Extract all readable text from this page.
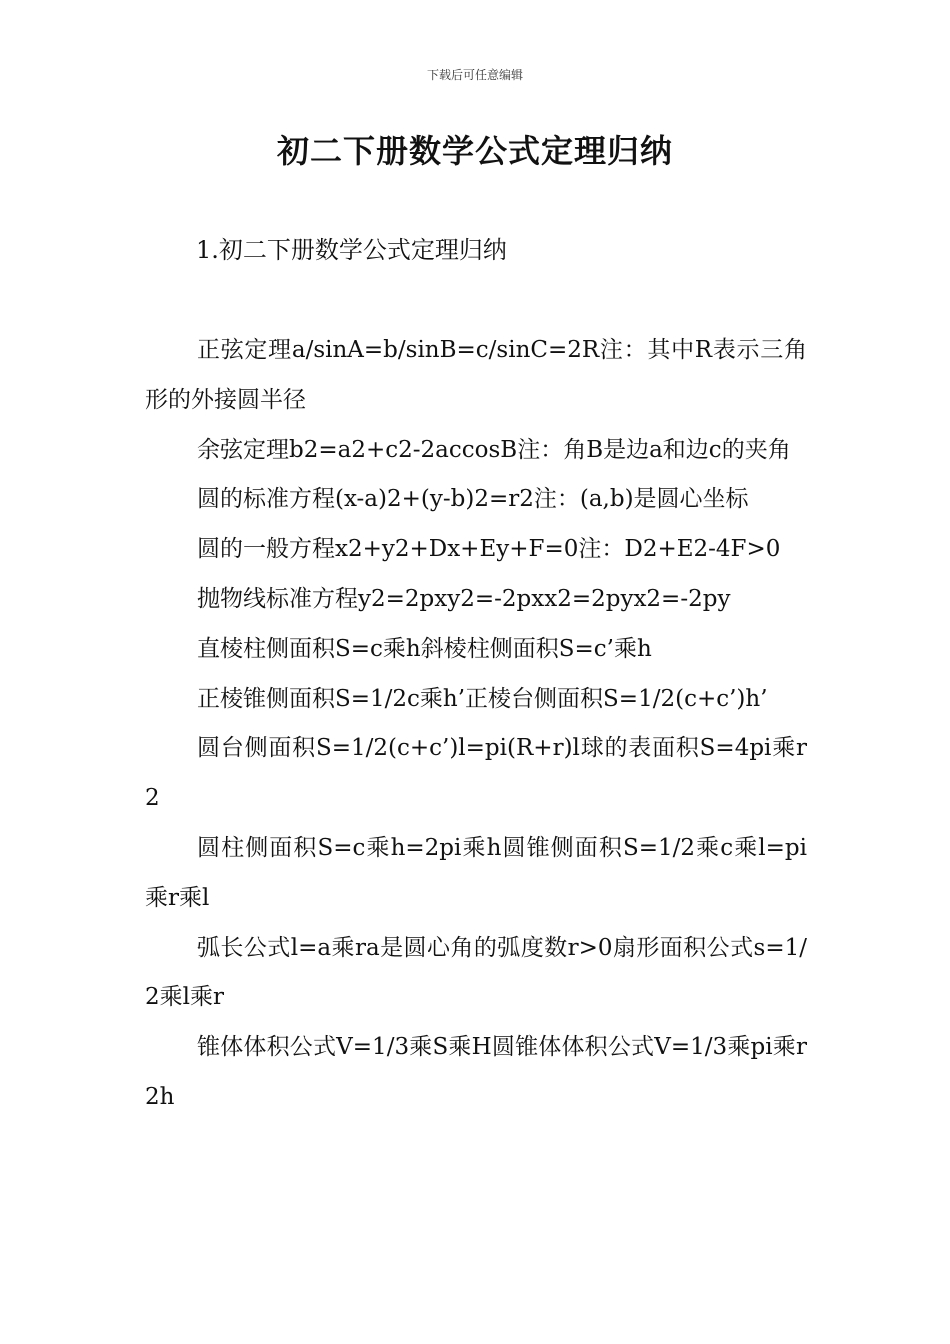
下载后可任意编辑
初二下册数学公式定理归纳
1.初二下册数学公式定理归纳

正弦定理a/sinA=b/sinB=c/sinC=2R注：其中R表示三角形的外接圆半径

余弦定理b2=a2+c2-2accosB注：角B是边a和边c的夹角

圆的标准方程(x-a)2+(y-b)2=r2注：(a,b)是圆心坐标

圆的一般方程x2+y2+Dx+Ey+F=0注：D2+E2-4F>0

抛物线标准方程y2=2pxy2=-2pxx2=2pyx2=-2py

直棱柱侧面积S=c乘h斜棱柱侧面积S=c’乘h

正棱锥侧面积S=1/2c乘h’正棱台侧面积S=1/2(c+c’)h’

圆台侧面积S=1/2(c+c’)l=pi(R+r)l球的表面积S=4pi乘r2

圆柱侧面积S=c乘h=2pi乘h圆锥侧面积S=1/2乘c乘l=pi乘r乘l

弧长公式l=a乘ra是圆心角的弧度数r>0扇形面积公式s=1/2乘l乘r

锥体体积公式V=1/3乘S乘H圆锥体体积公式V=1/3乘pi乘r2h
